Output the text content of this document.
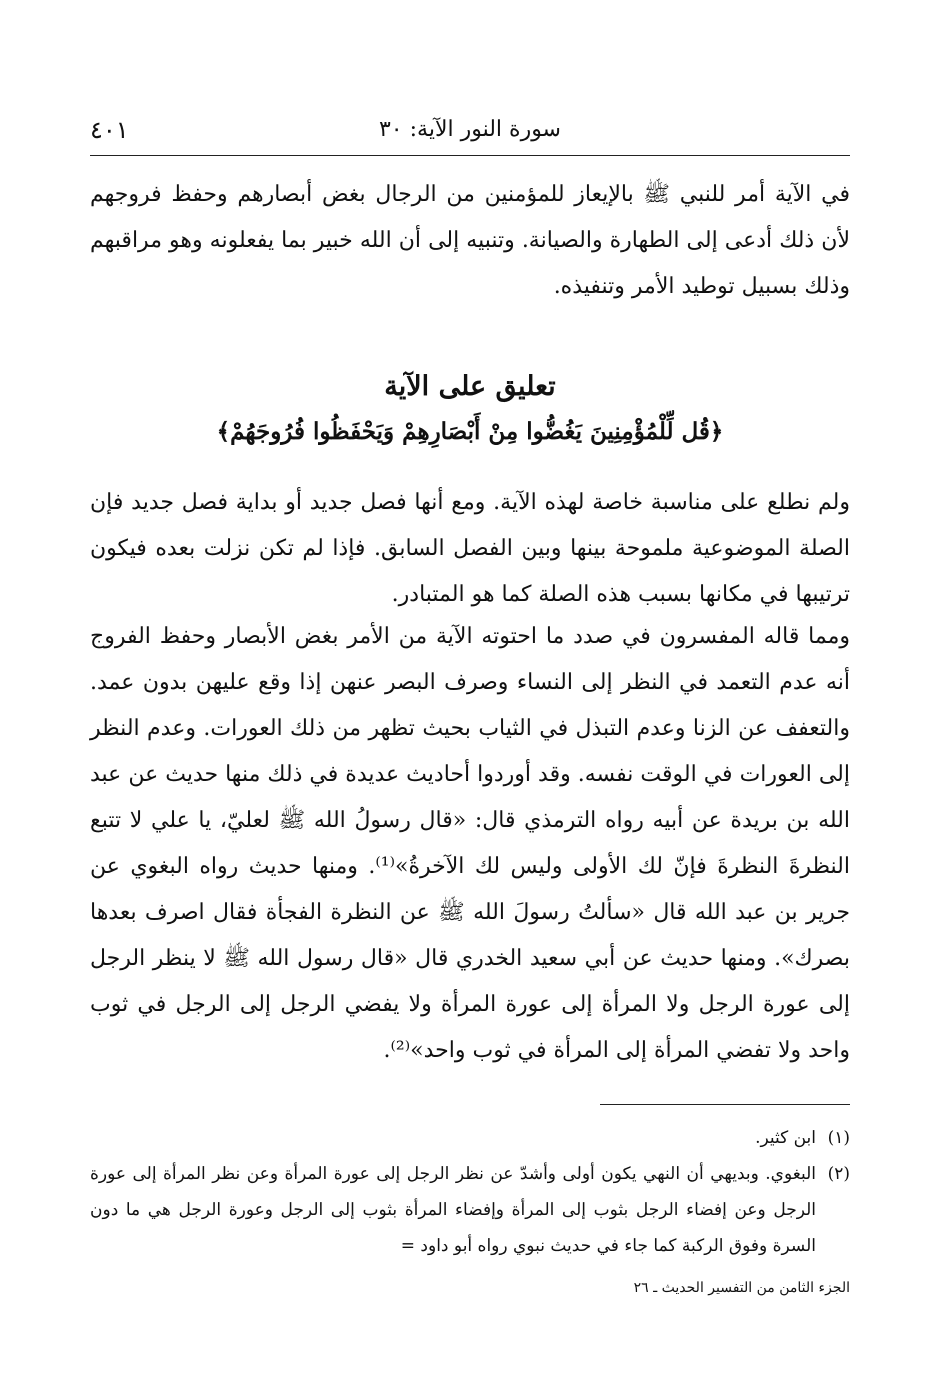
سورة النور الآية: ٣٠
٤٠١

في الآية أمر للنبي ﷺ بالإيعاز للمؤمنين من الرجال بغض أبصارهم وحفظ فروجهم لأن ذلك أدعى إلى الطهارة والصيانة. وتنبيه إلى أن الله خبير بما يفعلونه وهو مراقبهم وذلك بسبيل توطيد الأمر وتنفيذه.

تعليق على الآية

﴿قُل لِّلْمُؤْمِنِينَ يَغُضُّوا مِنْ أَبْصَارِهِمْ وَيَحْفَظُوا فُرُوجَهُمْ﴾

ولم نطلع على مناسبة خاصة لهذه الآية. ومع أنها فصل جديد أو بداية فصل جديد فإن الصلة الموضوعية ملموحة بينها وبين الفصل السابق. فإذا لم تكن نزلت بعده فيكون ترتيبها في مكانها بسبب هذه الصلة كما هو المتبادر.

ومما قاله المفسرون في صدد ما احتوته الآية من الأمر بغض الأبصار وحفظ الفروج أنه عدم التعمد في النظر إلى النساء وصرف البصر عنهن إذا وقع عليهن بدون عمد. والتعفف عن الزنا وعدم التبذل في الثياب بحيث تظهر من ذلك العورات. وعدم النظر إلى العورات في الوقت نفسه. وقد أوردوا أحاديث عديدة في ذلك منها حديث عن عبد الله بن بريدة عن أبيه رواه الترمذي قال: «قال رسولُ الله ﷺ لعليّ، يا علي لا تتبع النظرةَ النظرةَ فإنّ لك الأولى وليس لك الآخرةُ»⁽¹⁾. ومنها حديث رواه البغوي عن جرير بن عبد الله قال «سألتُ رسولَ الله ﷺ عن النظرة الفجأة فقال اصرف بعدها بصرك». ومنها حديث عن أبي سعيد الخدري قال «قال رسول الله ﷺ لا ينظر الرجل إلى عورة الرجل ولا المرأة إلى عورة المرأة ولا يفضي الرجل إلى الرجل في ثوب واحد ولا تفضي المرأة إلى المرأة في ثوب واحد»⁽²⁾.

(١)
ابن كثير.
(٢)
البغوي. وبديهي أن النهي يكون أولى وأشدّ عن نظر الرجل إلى عورة المرأة وعن نظر المرأة إلى عورة الرجل وعن إفضاء الرجل بثوب إلى المرأة وإفضاء المرأة بثوب إلى الرجل وعورة الرجل هي ما دون السرة وفوق الركبة كما جاء في حديث نبوي رواه أبو داود =
الجزء الثامن من التفسير الحديث ـ ٢٦
